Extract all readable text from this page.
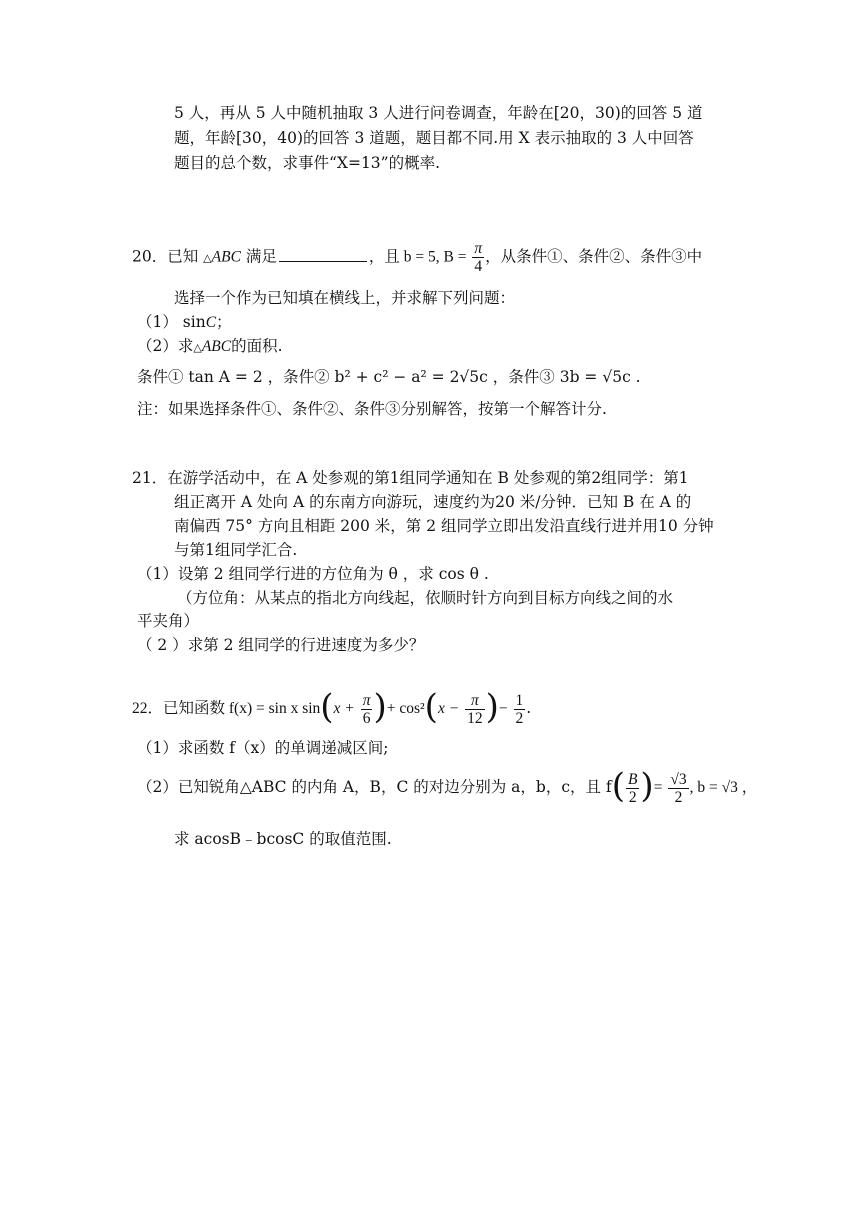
5 人，再从 5 人中随机抽取 3 人进行问卷调查，年龄在[20，30)的回答 5 道
题，年龄[30，40)的回答 3 道题，题目都不同.用 X 表示抽取的 3 人中回答
题目的总个数，求事件“X=13”的概率.
20．已知 △ABC 满足	，且 b = 5, $B = \frac{\pi}{4}$ ，从条件①、条件②、条件③中
选择一个作为已知填在横线上，并求解下列问题：
（1） sinC；
（2）求△ABC的面积.
条件① tan A = 2 ，条件② b² + c² − a² = 2√5c ，条件③ 3b = √5c .
注：如果选择条件①、条件②、条件③分别解答，按第一个解答计分.
21．在游学活动中，在 A 处参观的第1组同学通知在 B 处参观的第2组同学：第1
组正离开 A 处向 A 的东南方向游玩，速度约为20 米/分钟．已知 B 在 A 的
南偏西 75° 方向且相距 200 米，第 2 组同学立即出发沿直线行进并用10 分钟
与第1组同学汇合.
（1）设第 2 组同学行进的方位角为 θ ，求 cos θ .
（方位角：从某点的指北方向线起，依顺时针方向到目标方向线之间的水
平夹角）
（ 2 ）求第 2 组同学的行进速度为多少？
22．已知函数 f(x) = sin x $\sin(x + \frac{\pi}{6}$ )+ $\cos^2(x - \frac{\pi}{12}$ )− $\frac{1}{2}$ .
（1）求函数 f（x）的单调递减区间;
（2）已知锐角△ABC 的内角 A，B，C 的对边分别为 a，b，c，且 $f( \frac{B}{2}$ )= $\frac{√3}{2}$ , b = √3 ，
求 acosB﹣bcosC 的取值范围.
